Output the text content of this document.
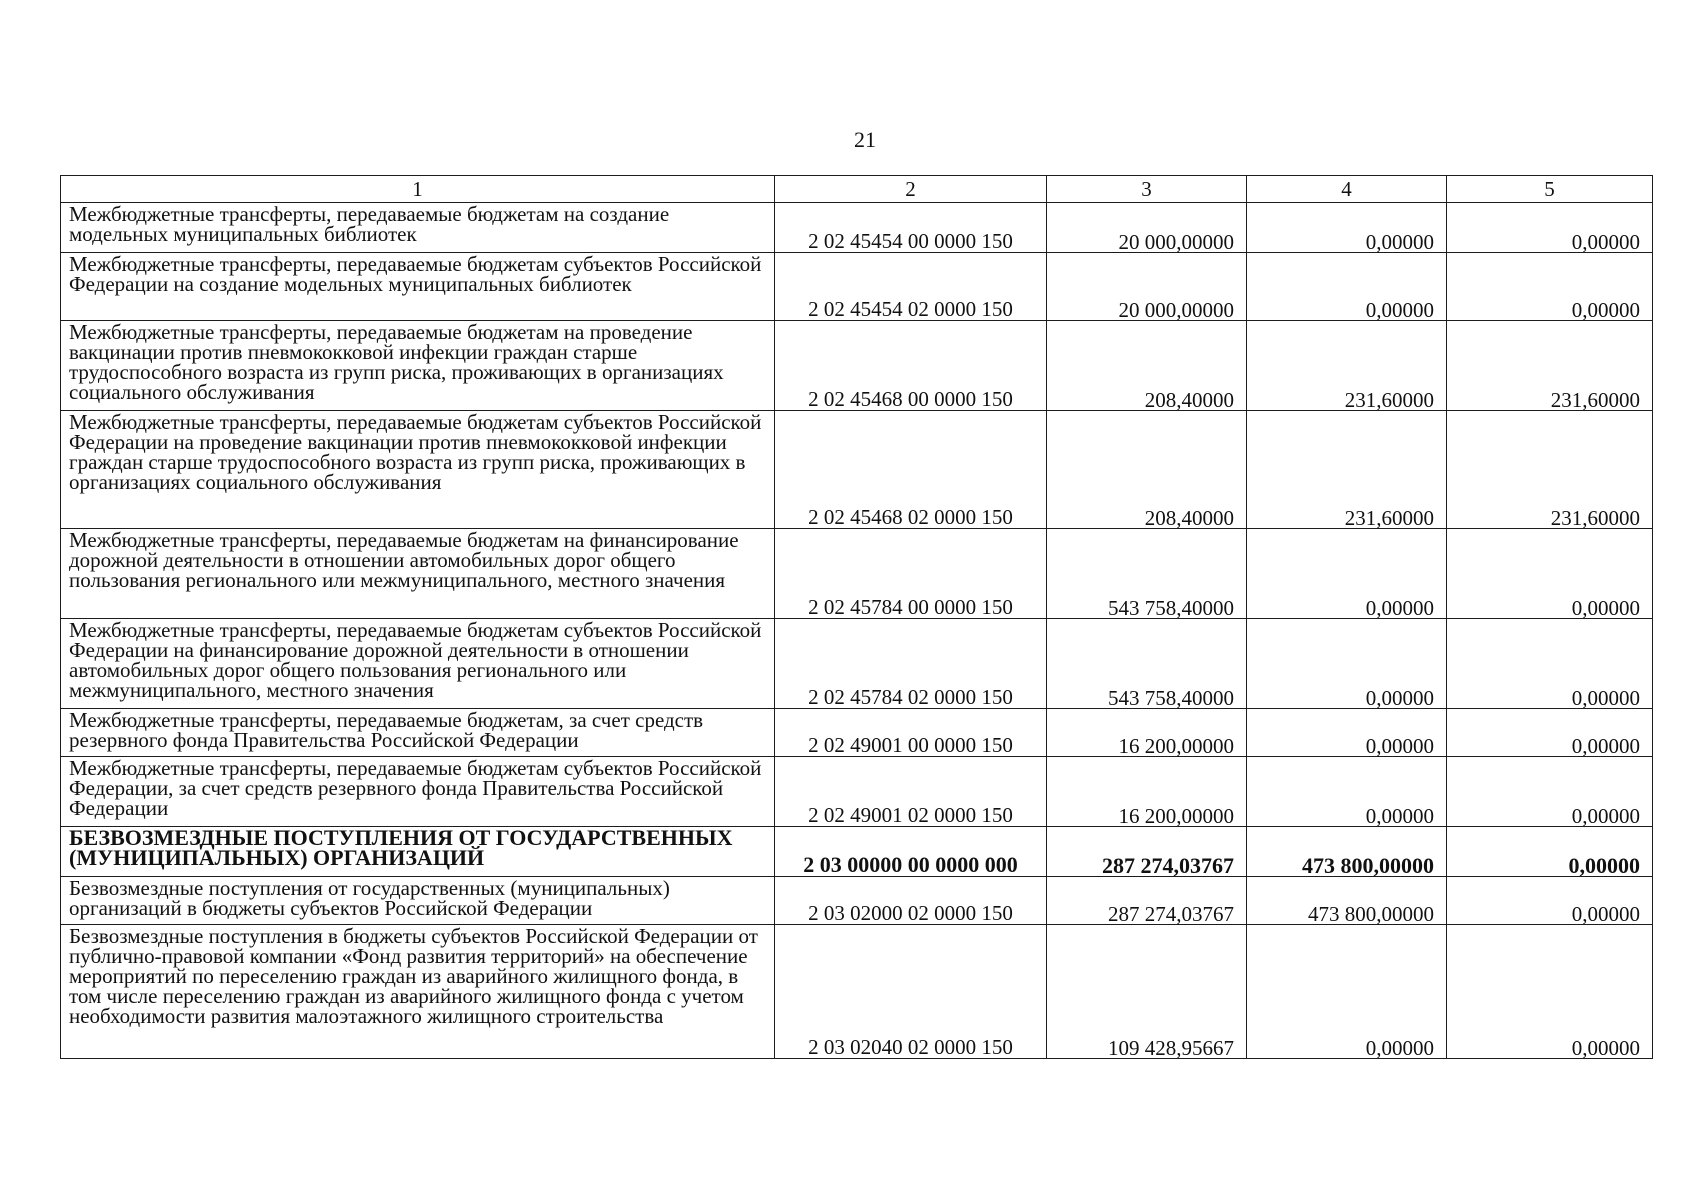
21
1	2	3	4	5
Межбюджетные трансферты, передаваемые бюджетам на создание модельных муниципальных библиотек	2 02 45454 00 0000 150	20 000,00000	0,00000	0,00000
Межбюджетные трансферты, передаваемые бюджетам субъектов Российской Федерации на создание модельных муниципальных библиотек	2 02 45454 02 0000 150	20 000,00000	0,00000	0,00000
Межбюджетные трансферты, передаваемые бюджетам на проведение вакцинации против пневмококковой инфекции граждан старше трудоспособного возраста из групп риска, проживающих в организациях социального обслуживания	2 02 45468 00 0000 150	208,40000	231,60000	231,60000
Межбюджетные трансферты, передаваемые бюджетам субъектов Российской Федерации на проведение вакцинации против пневмококковой инфекции граждан старше трудоспособного возраста из групп риска, проживающих в организациях социального обслуживания	2 02 45468 02 0000 150	208,40000	231,60000	231,60000
Межбюджетные трансферты, передаваемые бюджетам на финансирование дорожной деятельности в отношении автомобильных дорог общего пользования регионального или межмуниципального, местного значения	2 02 45784 00 0000 150	543 758,40000	0,00000	0,00000
Межбюджетные трансферты, передаваемые бюджетам субъектов Российской Федерации на финансирование дорожной деятельности в отношении автомобильных дорог общего пользования регионального или межмуниципального, местного значения	2 02 45784 02 0000 150	543 758,40000	0,00000	0,00000
Межбюджетные трансферты, передаваемые бюджетам, за счет средств резервного фонда Правительства Российской Федерации	2 02 49001 00 0000 150	16 200,00000	0,00000	0,00000
Межбюджетные трансферты, передаваемые бюджетам субъектов Российской Федерации, за счет средств резервного фонда Правительства Российской Федерации	2 02 49001 02 0000 150	16 200,00000	0,00000	0,00000
БЕЗВОЗМЕЗДНЫЕ ПОСТУПЛЕНИЯ ОТ ГОСУДАРСТВЕННЫХ (МУНИЦИПАЛЬНЫХ) ОРГАНИЗАЦИЙ	2 03 00000 00 0000 000	287 274,03767	473 800,00000	0,00000
Безвозмездные поступления от государственных (муниципальных) организаций в бюджеты субъектов Российской Федерации	2 03 02000 02 0000 150	287 274,03767	473 800,00000	0,00000
Безвозмездные поступления в бюджеты субъектов Российской Федерации от публично-правовой компании «Фонд развития территорий» на обеспечение мероприятий по переселению граждан из аварийного жилищного фонда, в том числе переселению граждан из аварийного жилищного фонда с учетом необходимости развития малоэтажного жилищного строительства	2 03 02040 02 0000 150	109 428,95667	0,00000	0,00000
